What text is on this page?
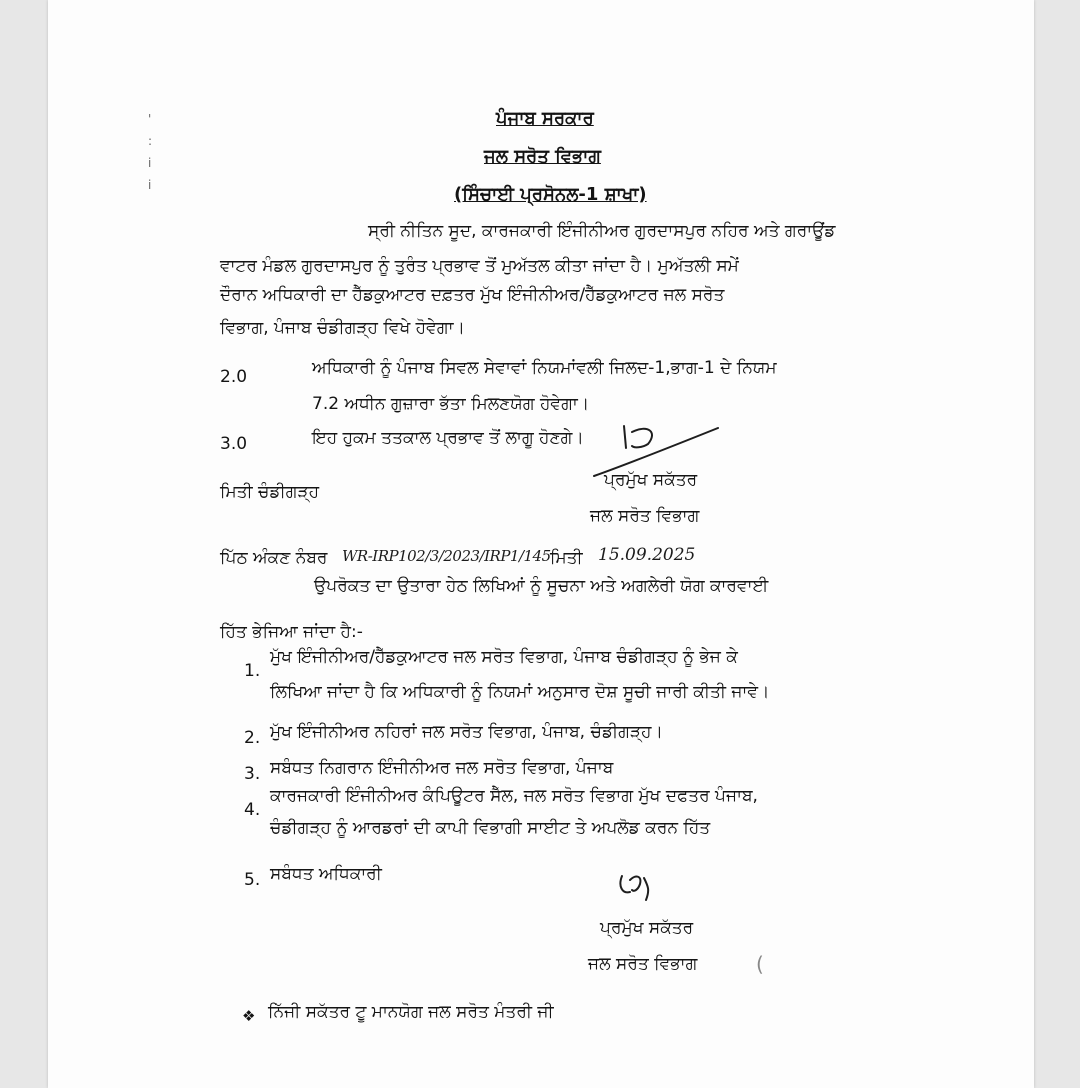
'
:
i
i
ਪੰਜਾਬ ਸਰਕਾਰ
ਜਲ ਸਰੋਤ ਵਿਭਾਗ
(ਸਿੰਚਾਈ ਪ੍ਰਸੋਨਲ-1 ਸ਼ਾਖਾ)
ਸ੍ਰੀ ਨੀਤਿਨ ਸੂਦ, ਕਾਰਜਕਾਰੀ ਇੰਜੀਨੀਅਰ ਗੁਰਦਾਸਪੁਰ ਨਹਿਰ ਅਤੇ ਗਰਾਊਂਡ
ਵਾਟਰ ਮੰਡਲ ਗੁਰਦਾਸਪੁਰ ਨੂੰ ਤੁਰੰਤ ਪ੍ਰਭਾਵ ਤੋਂ ਮੁਅੱਤਲ ਕੀਤਾ ਜਾਂਦਾ ਹੈ। ਮੁਅੱਤਲੀ ਸਮੇਂ
ਦੌਰਾਨ ਅਧਿਕਾਰੀ ਦਾ ਹੈੱਡਕੁਆਟਰ ਦਫ਼ਤਰ ਮੁੱਖ ਇੰਜੀਨੀਅਰ/ਹੈੱਡਕੁਆਟਰ ਜਲ ਸਰੋਤ
ਵਿਭਾਗ, ਪੰਜਾਬ ਚੰਡੀਗੜ੍ਹ ਵਿਖੇ ਹੋਵੇਗਾ।
2.0	ਅਧਿਕਾਰੀ ਨੂੰ ਪੰਜਾਬ ਸਿਵਲ ਸੇਵਾਵਾਂ ਨਿਯਮਾਂਵਲੀ ਜਿਲਦ-1,ਭਾਗ-1 ਦੇ ਨਿਯਮ
7.2 ਅਧੀਨ ਗੁਜ਼ਾਰਾ ਭੱਤਾ ਮਿਲਣਯੋਗ ਹੋਵੇਗਾ।
3.0	ਇਹ ਹੁਕਮ ਤਤਕਾਲ ਪ੍ਰਭਾਵ ਤੋਂ ਲਾਗੂ ਹੋਣਗੇ।
ਮਿਤੀ ਚੰਡੀਗੜ੍ਹ
ਪ੍ਰਮੁੱਖ ਸਕੱਤਰ
ਜਲ ਸਰੋਤ ਵਿਭਾਗ
ਪਿੱਠ ਅੰਕਣ ਨੰਬਰ WR-IRP102/3/2023/IRP1/145 ਮਿਤੀ 15.09.2025
ਉਪਰੋਕਤ ਦਾ ਉਤਾਰਾ ਹੇਠ ਲਿਖਿਆਂ ਨੂੰ ਸੂਚਨਾ ਅਤੇ ਅਗਲੇਰੀ ਯੋਗ ਕਾਰਵਾਈ
ਹਿੱਤ ਭੇਜਿਆ ਜਾਂਦਾ ਹੈ:-
1.
ਮੁੱਖ ਇੰਜੀਨੀਅਰ/ਹੈੱਡਕੁਆਟਰ ਜਲ ਸਰੋਤ ਵਿਭਾਗ, ਪੰਜਾਬ ਚੰਡੀਗੜ੍ਹ ਨੂੰ ਭੇਜ ਕੇ
ਲਿਖਿਆ ਜਾਂਦਾ ਹੈ ਕਿ ਅਧਿਕਾਰੀ ਨੂੰ ਨਿਯਮਾਂ ਅਨੁਸਾਰ ਦੋਸ਼ ਸੂਚੀ ਜਾਰੀ ਕੀਤੀ ਜਾਵੇ।
2. ਮੁੱਖ ਇੰਜੀਨੀਅਰ ਨਹਿਰਾਂ ਜਲ ਸਰੋਤ ਵਿਭਾਗ, ਪੰਜਾਬ, ਚੰਡੀਗੜ੍ਹ।
3. ਸਬੰਧਤ ਨਿਗਰਾਨ ਇੰਜੀਨੀਅਰ ਜਲ ਸਰੋਤ ਵਿਭਾਗ, ਪੰਜਾਬ
4.
ਕਾਰਜਕਾਰੀ ਇੰਜੀਨੀਅਰ ਕੰਪਿਊਟਰ ਸੈੱਲ, ਜਲ ਸਰੋਤ ਵਿਭਾਗ ਮੁੱਖ ਦਫਤਰ ਪੰਜਾਬ,
ਚੰਡੀਗੜ੍ਹ ਨੂੰ ਆਰਡਰਾਂ ਦੀ ਕਾਪੀ ਵਿਭਾਗੀ ਸਾਈਟ ਤੇ ਅਪਲੋਡ ਕਰਨ ਹਿੱਤ
5. ਸਬੰਧਤ ਅਧਿਕਾਰੀ
ਪ੍ਰਮੁੱਖ ਸਕੱਤਰ
ਜਲ ਸਰੋਤ ਵਿਭਾਗ	(
❖ ਨਿੱਜੀ ਸਕੱਤਰ ਟੂ ਮਾਨਯੋਗ ਜਲ ਸਰੋਤ ਮੰਤਰੀ ਜੀ
